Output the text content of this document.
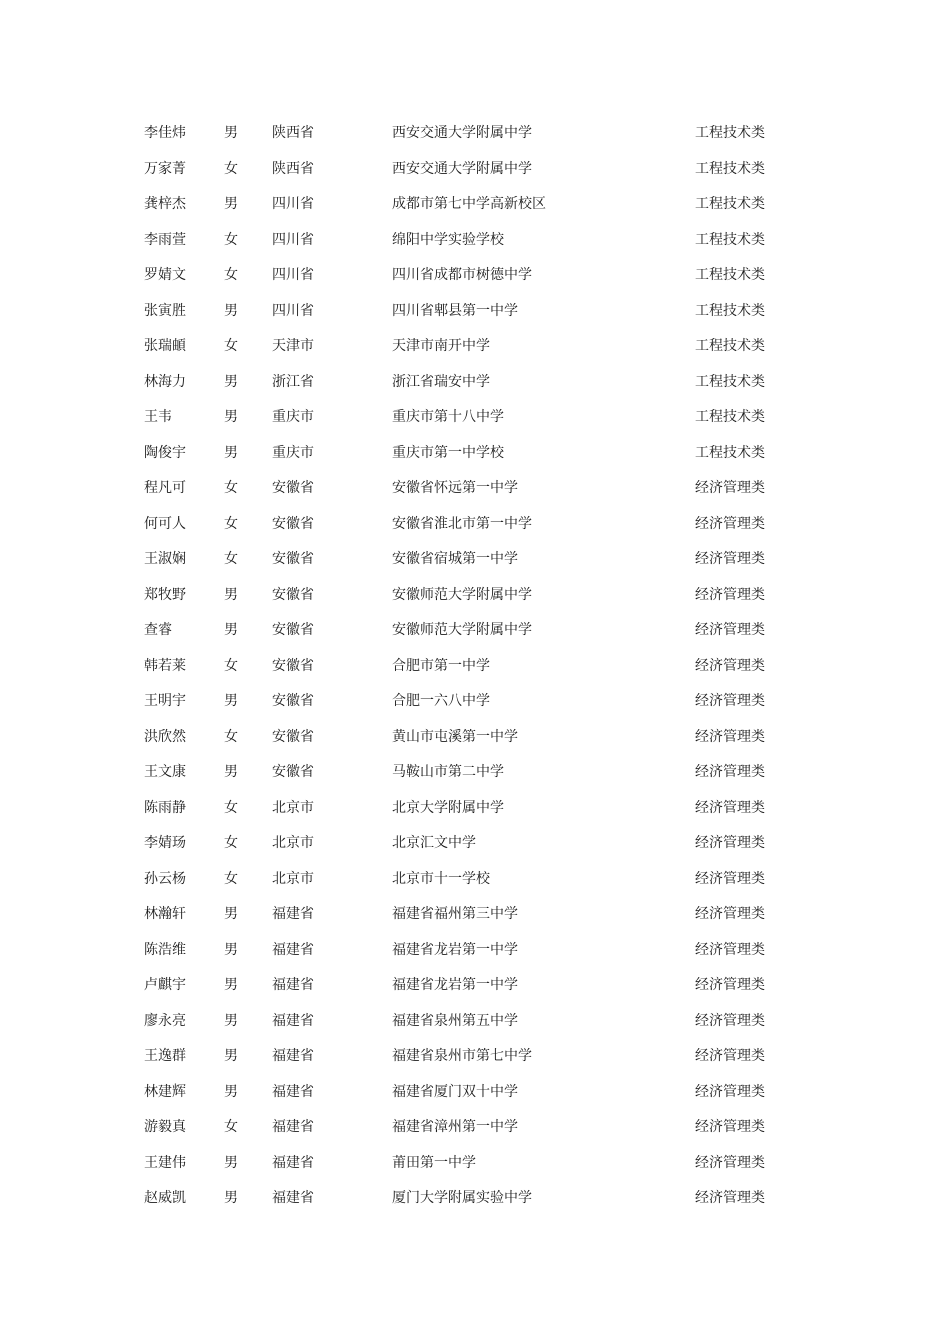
李佳炜	男 陕西省	西安交通大学附属中学	工程技术类
万家菁	女 陕西省	西安交通大学附属中学	工程技术类
龚梓杰	男 四川省	成都市第七中学高新校区	工程技术类
李雨萱	女 四川省	绵阳中学实验学校	工程技术类
罗婧文	女 四川省	四川省成都市树德中学	工程技术类
张寅胜	男 四川省	四川省郫县第一中学	工程技术类
张瑞頔	女 天津市	天津市南开中学	工程技术类
林海力	男 浙江省	浙江省瑞安中学	工程技术类
王韦	男 重庆市	重庆市第十八中学	工程技术类
陶俊宇	男 重庆市	重庆市第一中学校	工程技术类
程凡可	女 安徽省	安徽省怀远第一中学	经济管理类
何可人	女 安徽省	安徽省淮北市第一中学	经济管理类
王淑娴	女 安徽省	安徽省宿城第一中学	经济管理类
郑牧野	男 安徽省	安徽师范大学附属中学	经济管理类
查睿	男 安徽省	安徽师范大学附属中学	经济管理类
韩若莱	女 安徽省	合肥市第一中学	经济管理类
王明宇	男 安徽省	合肥一六八中学	经济管理类
洪欣然	女 安徽省	黄山市屯溪第一中学	经济管理类
王文康	男 安徽省	马鞍山市第二中学	经济管理类
陈雨静	女 北京市	北京大学附属中学	经济管理类
李婧玚	女 北京市	北京汇文中学	经济管理类
孙云杨	女 北京市	北京市十一学校	经济管理类
林瀚轩	男 福建省	福建省福州第三中学	经济管理类
陈浩维	男 福建省	福建省龙岩第一中学	经济管理类
卢麒宇	男 福建省	福建省龙岩第一中学	经济管理类
廖永亮	男 福建省	福建省泉州第五中学	经济管理类
王逸群	男 福建省	福建省泉州市第七中学	经济管理类
林建辉	男 福建省	福建省厦门双十中学	经济管理类
游毅真	女 福建省	福建省漳州第一中学	经济管理类
王建伟	男 福建省	莆田第一中学	经济管理类
赵威凯	男 福建省	厦门大学附属实验中学	经济管理类
